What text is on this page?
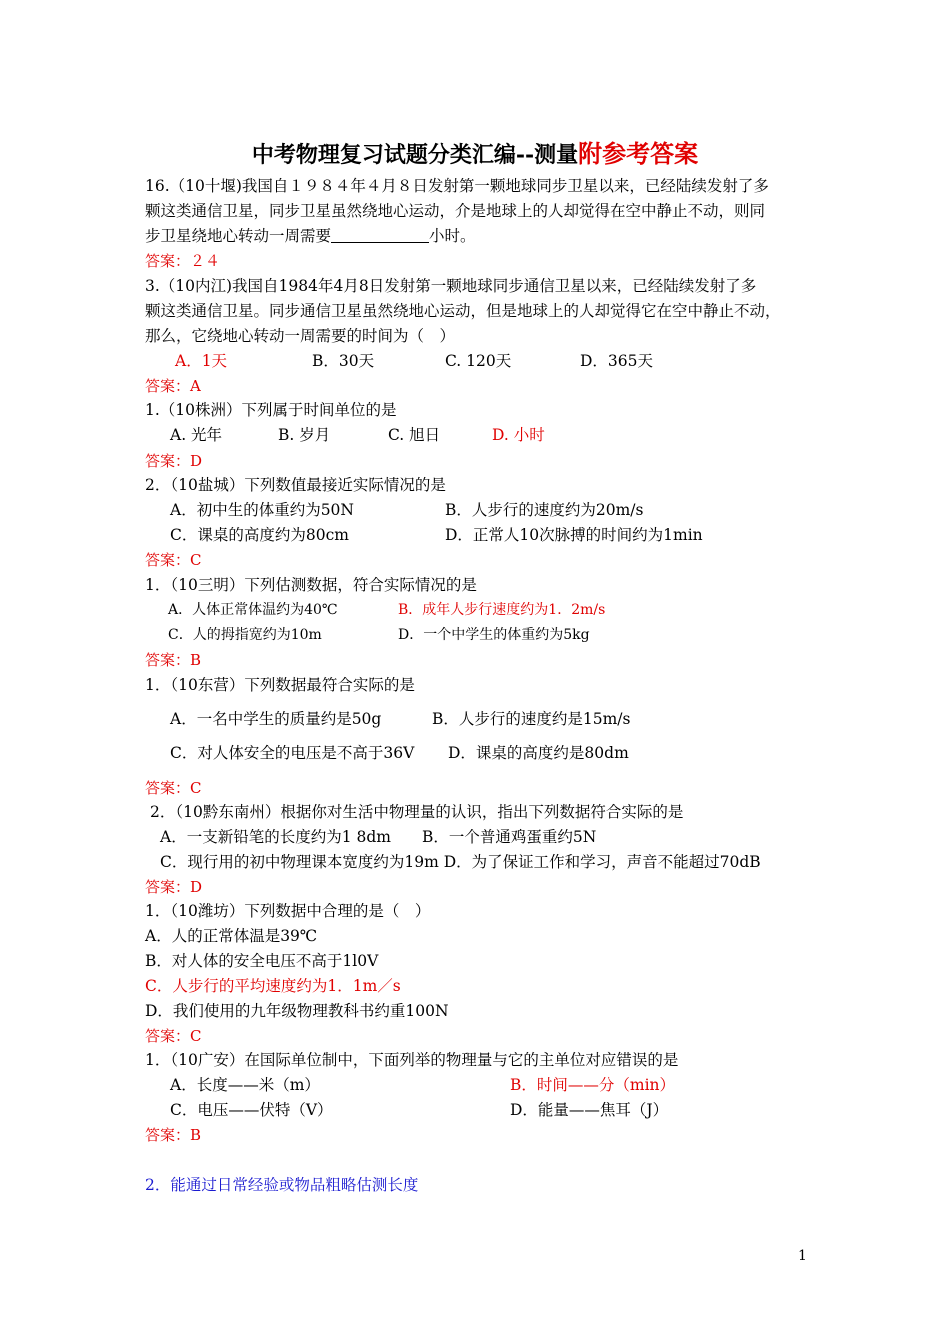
中考物理复习试题分类汇编--测量附参考答案
16.（10十堰)我国自１９８４年４月８日发射第一颗地球同步卫星以来，已经陆续发射了多
颗这类通信卫星，同步卫星虽然绕地心运动，介是地球上的人却觉得在空中静止不动，则同
步卫星绕地心转动一周需要	小时。
答案：２４
3.（10内江)我国自1984年4月8日发射第一颗地球同步通信卫星以来，已经陆续发射了多
颗这类通信卫星。同步通信卫星虽然绕地心运动，但是地球上的人却觉得它在空中静止不动，
那么，它绕地心转动一周需要的时间为（　）
A．1天	B．30天	C. 120天	D．365天
答案：A
1.（10株洲）下列属于时间单位的是
A. 光年	B. 岁月	C. 旭日	D. 小时
答案：D
2．（10盐城）下列数值最接近实际情况的是
A．初中生的体重约为50N	B．人步行的速度约为20m/s
C．课桌的高度约为80cm	D．正常人10次脉搏的时间约为1min
答案：C
1．（10三明）下列估测数据，符合实际情况的是
A．人体正常体温约为40℃	B．成年人步行速度约为1．2m/s
C．人的拇指宽约为10m	D．一个中学生的体重约为5kg
答案：B
1．（10东营）下列数据最符合实际的是
A．一名中学生的质量约是50g	B．人步行的速度约是15m/s
C．对人体安全的电压是不高于36V D．课桌的高度约是80dm
答案：C
2．（10黔东南州）根据你对生活中物理量的认识，指出下列数据符合实际的是
A．一支新铅笔的长度约为1 8dm　　B．一个普通鸡蛋重约5N
C．现行用的初中物理课本宽度约为19m D．为了保证工作和学习，声音不能超过70dB
答案：D
1．（10潍坊）下列数据中合理的是（　）
A．人的正常体温是39℃
B．对人体的安全电压不高于1l0V
C．人步行的平均速度约为1．1m／s
D．我们使用的九年级物理教科书约重100N
答案：C
1．（10广安）在国际单位制中，下面列举的物理量与它的主单位对应错误的是
A．长度——米（m）	B．时间——分（min）
C．电压——伏特（V）	D．能量——焦耳（J）
答案：B
2．能通过日常经验或物品粗略估测长度
1
